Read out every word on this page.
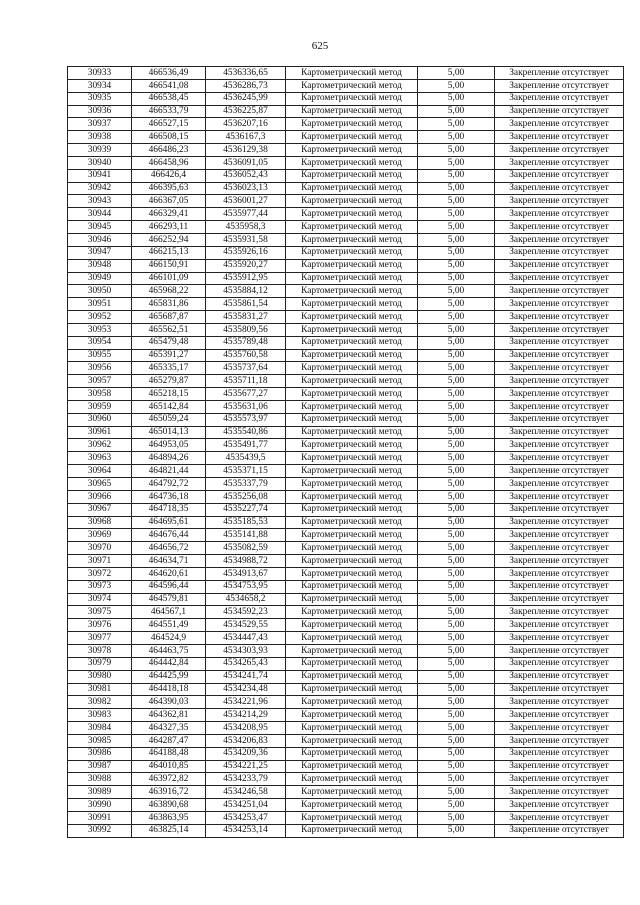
625
30933	466536,49	4536336,65	Картометрический метод	5,00	Закрепление отсутствует
30934	466541,08	4536286,73	Картометрический метод	5,00	Закрепление отсутствует
30935	466538,45	4536245,99	Картометрический метод	5,00	Закрепление отсутствует
30936	466533,79	4536225,87	Картометрический метод	5,00	Закрепление отсутствует
30937	466527,15	4536207,16	Картометрический метод	5,00	Закрепление отсутствует
30938	466508,15	4536167,3	Картометрический метод	5,00	Закрепление отсутствует
30939	466486,23	4536129,38	Картометрический метод	5,00	Закрепление отсутствует
30940	466458,96	4536091,05	Картометрический метод	5,00	Закрепление отсутствует
30941	466426,4	4536052,43	Картометрический метод	5,00	Закрепление отсутствует
30942	466395,63	4536023,13	Картометрический метод	5,00	Закрепление отсутствует
30943	466367,05	4536001,27	Картометрический метод	5,00	Закрепление отсутствует
30944	466329,41	4535977,44	Картометрический метод	5,00	Закрепление отсутствует
30945	466293,11	4535958,3	Картометрический метод	5,00	Закрепление отсутствует
30946	466252,94	4535931,58	Картометрический метод	5,00	Закрепление отсутствует
30947	466215,13	4535926,16	Картометрический метод	5,00	Закрепление отсутствует
30948	466150,91	4535920,27	Картометрический метод	5,00	Закрепление отсутствует
30949	466101,09	4535912,95	Картометрический метод	5,00	Закрепление отсутствует
30950	465968,22	4535884,12	Картометрический метод	5,00	Закрепление отсутствует
30951	465831,86	4535861,54	Картометрический метод	5,00	Закрепление отсутствует
30952	465687,87	4535831,27	Картометрический метод	5,00	Закрепление отсутствует
30953	465562,51	4535809,56	Картометрический метод	5,00	Закрепление отсутствует
30954	465479,48	4535789,48	Картометрический метод	5,00	Закрепление отсутствует
30955	465391,27	4535760,58	Картометрический метод	5,00	Закрепление отсутствует
30956	465335,17	4535737,64	Картометрический метод	5,00	Закрепление отсутствует
30957	465279,87	4535711,18	Картометрический метод	5,00	Закрепление отсутствует
30958	465218,15	4535677,27	Картометрический метод	5,00	Закрепление отсутствует
30959	465142,84	4535631,06	Картометрический метод	5,00	Закрепление отсутствует
30960	465059,24	4535573,97	Картометрический метод	5,00	Закрепление отсутствует
30961	465014,13	4535540,86	Картометрический метод	5,00	Закрепление отсутствует
30962	464953,05	4535491,77	Картометрический метод	5,00	Закрепление отсутствует
30963	464894,26	4535439,5	Картометрический метод	5,00	Закрепление отсутствует
30964	464821,44	4535371,15	Картометрический метод	5,00	Закрепление отсутствует
30965	464792,72	4535337,79	Картометрический метод	5,00	Закрепление отсутствует
30966	464736,18	4535256,08	Картометрический метод	5,00	Закрепление отсутствует
30967	464718,35	4535227,74	Картометрический метод	5,00	Закрепление отсутствует
30968	464695,61	4535185,53	Картометрический метод	5,00	Закрепление отсутствует
30969	464676,44	4535141,88	Картометрический метод	5,00	Закрепление отсутствует
30970	464656,72	4535082,59	Картометрический метод	5,00	Закрепление отсутствует
30971	464634,71	4534988,72	Картометрический метод	5,00	Закрепление отсутствует
30972	464620,61	4534913,67	Картометрический метод	5,00	Закрепление отсутствует
30973	464596,44	4534753,95	Картометрический метод	5,00	Закрепление отсутствует
30974	464579,81	4534658,2	Картометрический метод	5,00	Закрепление отсутствует
30975	464567,1	4534592,23	Картометрический метод	5,00	Закрепление отсутствует
30976	464551,49	4534529,55	Картометрический метод	5,00	Закрепление отсутствует
30977	464524,9	4534447,43	Картометрический метод	5,00	Закрепление отсутствует
30978	464463,75	4534303,93	Картометрический метод	5,00	Закрепление отсутствует
30979	464442,84	4534265,43	Картометрический метод	5,00	Закрепление отсутствует
30980	464425,99	4534241,74	Картометрический метод	5,00	Закрепление отсутствует
30981	464418,18	4534234,48	Картометрический метод	5,00	Закрепление отсутствует
30982	464390,03	4534221,96	Картометрический метод	5,00	Закрепление отсутствует
30983	464362,81	4534214,29	Картометрический метод	5,00	Закрепление отсутствует
30984	464327,35	4534208,95	Картометрический метод	5,00	Закрепление отсутствует
30985	464287,47	4534206,83	Картометрический метод	5,00	Закрепление отсутствует
30986	464188,48	4534209,36	Картометрический метод	5,00	Закрепление отсутствует
30987	464010,85	4534221,25	Картометрический метод	5,00	Закрепление отсутствует
30988	463972,82	4534233,79	Картометрический метод	5,00	Закрепление отсутствует
30989	463916,72	4534246,58	Картометрический метод	5,00	Закрепление отсутствует
30990	463890,68	4534251,04	Картометрический метод	5,00	Закрепление отсутствует
30991	463863,95	4534253,47	Картометрический метод	5,00	Закрепление отсутствует
30992	463825,14	4534253,14	Картометрический метод	5,00	Закрепление отсутствует
